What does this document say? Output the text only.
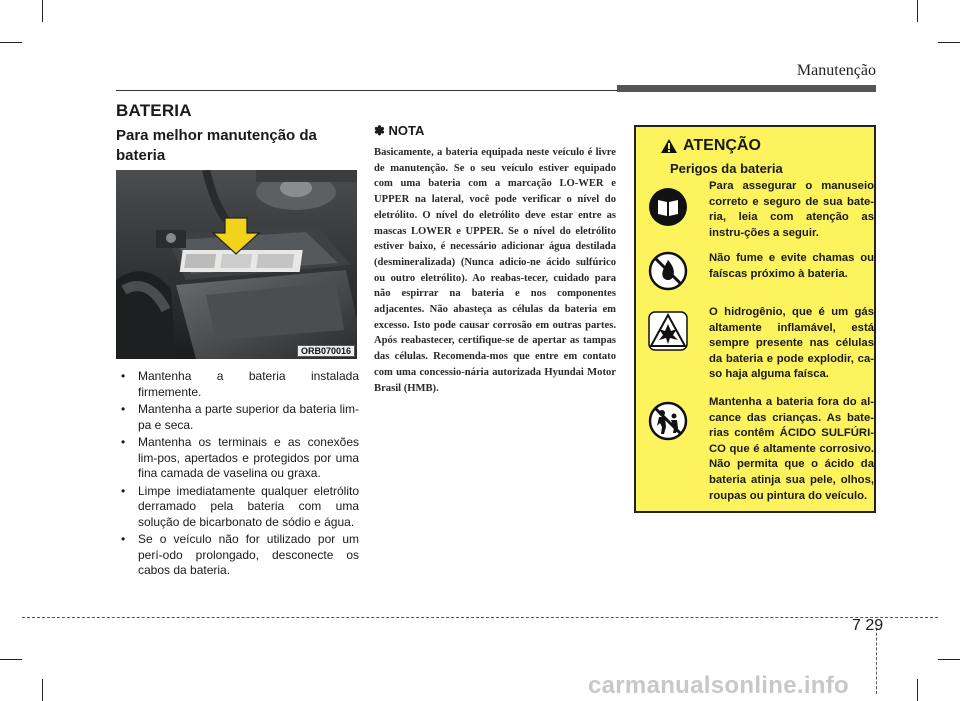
Manutenção
BATERIA
Para melhor manutenção da bateria
ORB070016
• Mantenha a bateria instalada firmemente.
• Mantenha a parte superior da bateria lim-pa e seca.
• Mantenha os terminais e as conexões lim-pos, apertados e protegidos por uma fina camada de vaselina ou graxa.
• Limpe imediatamente qualquer eletrólito derramado pela bateria com uma solução de bicarbonato de sódio e água.
• Se o veículo não for utilizado por um perí-odo prolongado, desconecte os cabos da bateria.
✽ NOTA
Basicamente, a bateria equipada neste veículo é livre de manutenção. Se o seu veículo estiver equipado com uma bateria com a marcação LO-WER e UPPER na lateral, você pode verificar o nível do eletrólito. O nível do eletrólito deve estar entre as mascas LOWER e UPPER. Se o nível do eletrólito estiver baixo, é necessário adicionar água destilada (desmineralizada) (Nunca adicio-ne ácido sulfúrico ou outro eletrólito). Ao reabas-tecer, cuidado para não espirrar na bateria e nos componentes adjacentes. Não abasteça as células da bateria em excesso. Isto pode causar corrosão em outras partes. Após reabastecer, certifique-se de apertar as tampas das células. Recomenda-mos que entre em contato com uma concessio-nária autorizada Hyundai Motor Brasil (HMB).
ATENÇÃO
Perigos da bateria
Para assegurar o manuseio correto e seguro de sua bate-ria, leia com atenção as instru-ções a seguir.
Não fume e evite chamas ou faíscas próximo à bateria.
O hidrogênio, que é um gás altamente inflamável, está sempre presente nas células da bateria e pode explodir, ca-so haja alguma faísca.
Mantenha a bateria fora do al-cance das crianças. As bate-rias contêm ÁCIDO SULFÚRI-CO que é altamente corrosivo. Não permita que o ácido da bateria atinja sua pele, olhos, roupas ou pintura do veículo.
7 29
carmanualsonline.info
